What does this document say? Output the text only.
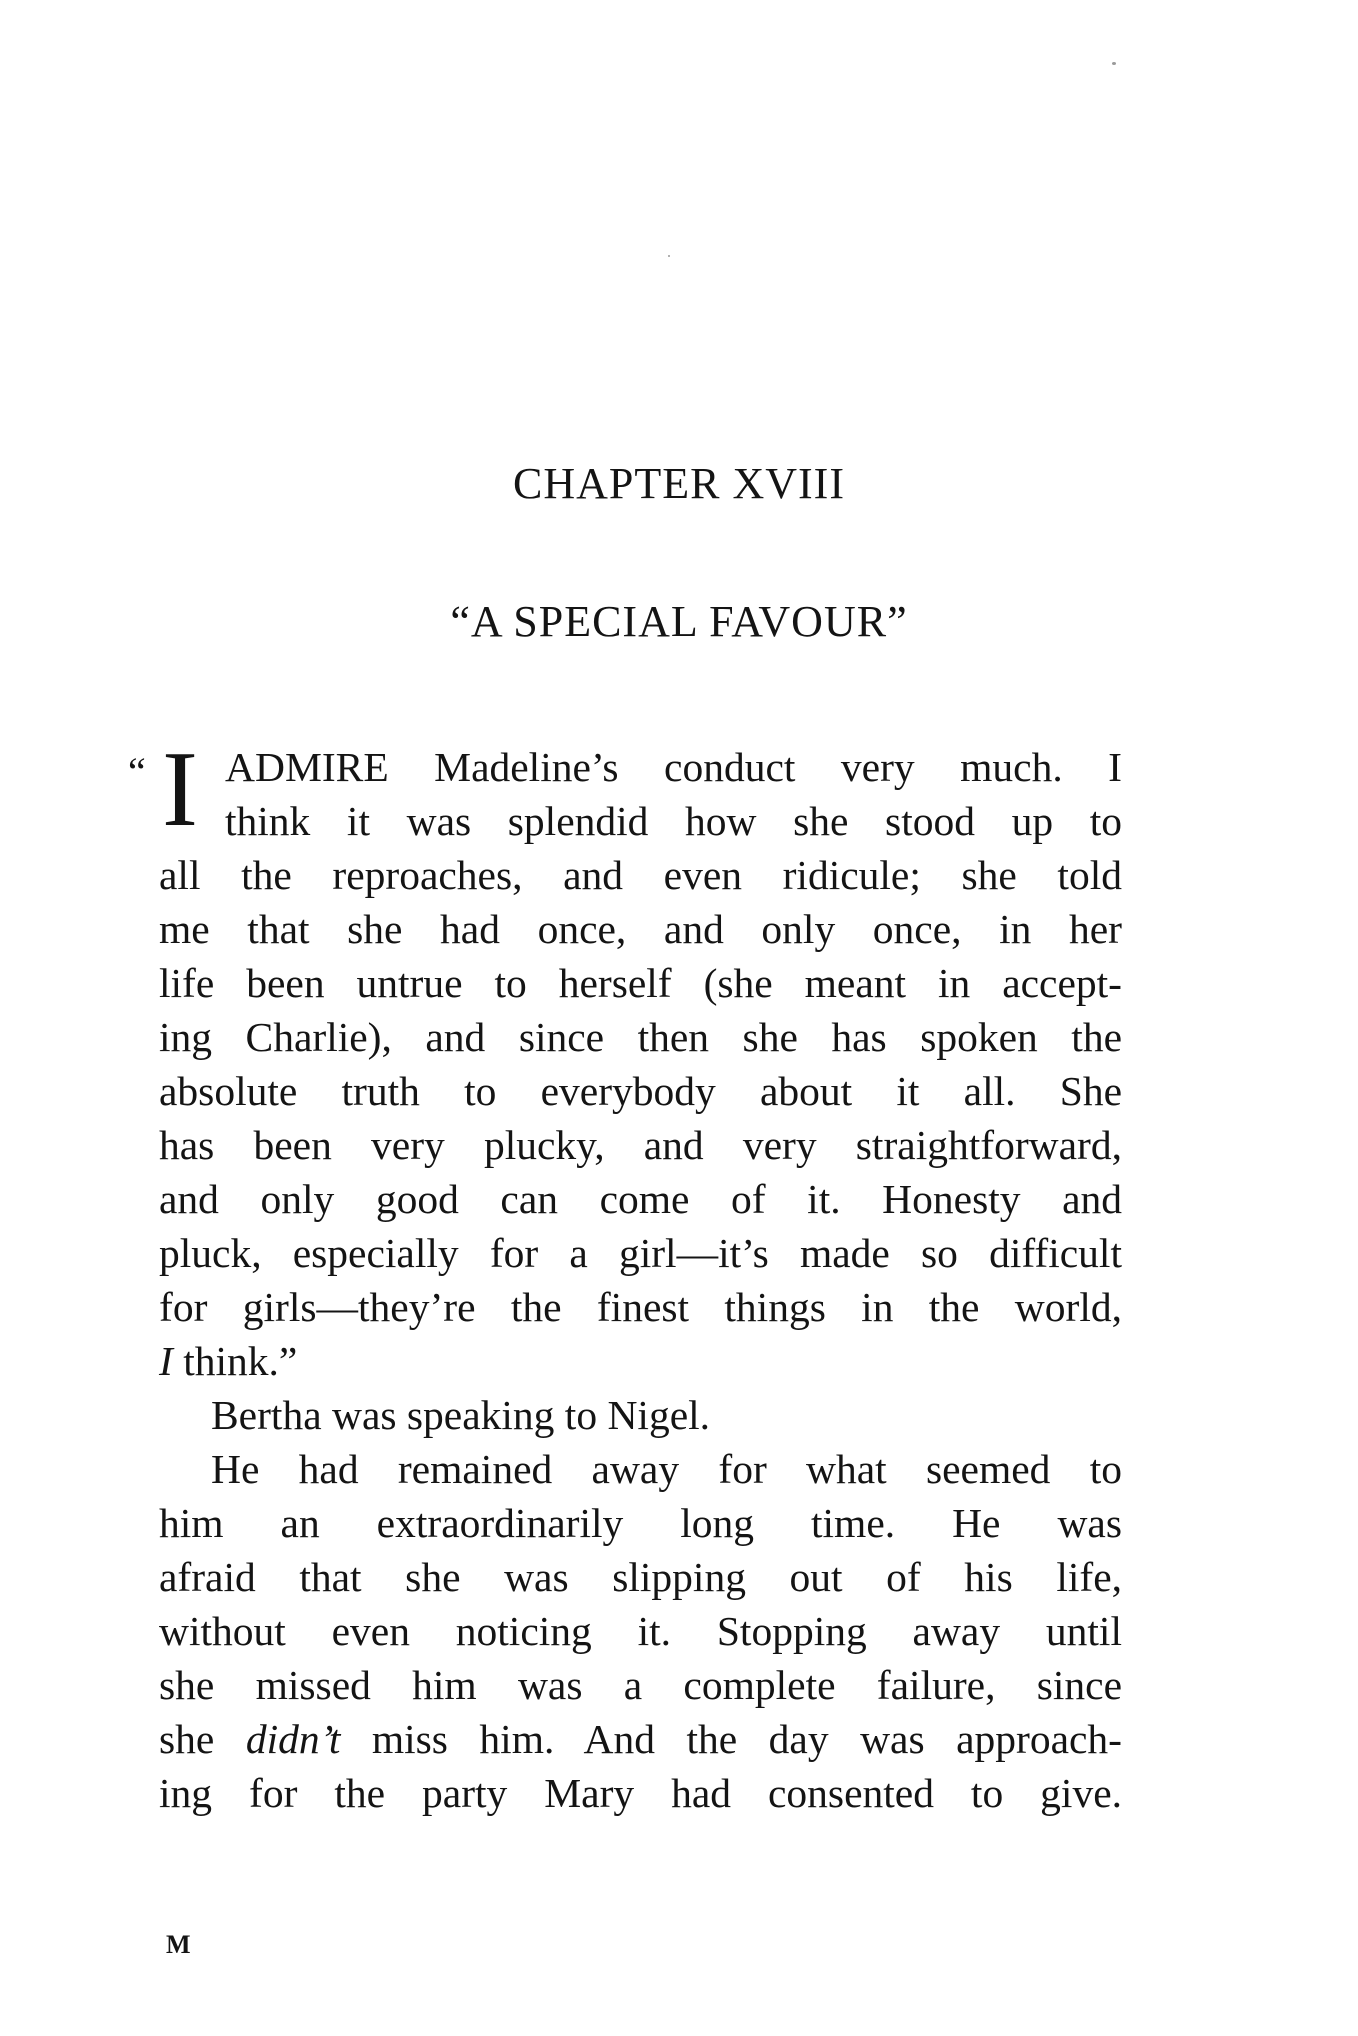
CHAPTER XVIII
“A SPECIAL FAVOUR”
“ I ADMIRE Madeline’s conduct very much. I
think it was splendid how she stood up to
all the reproaches, and even ridicule; she told
me that she had once, and only once, in her
life been untrue to herself (she meant in accept-
ing Charlie), and since then she has spoken the
absolute truth to everybody about it all. She
has been very plucky, and very straightforward,
and only good can come of it. Honesty and
pluck, especially for a girl—it’s made so difficult
for girls—they’re the finest things in the world,
I think.”
Bertha was speaking to Nigel.
He had remained away for what seemed to
him an extraordinarily long time. He was
afraid that she was slipping out of his life,
without even noticing it. Stopping away until
she missed him was a complete failure, since
she didn’t miss him. And the day was approach-
ing for the party Mary had consented to give.
M
